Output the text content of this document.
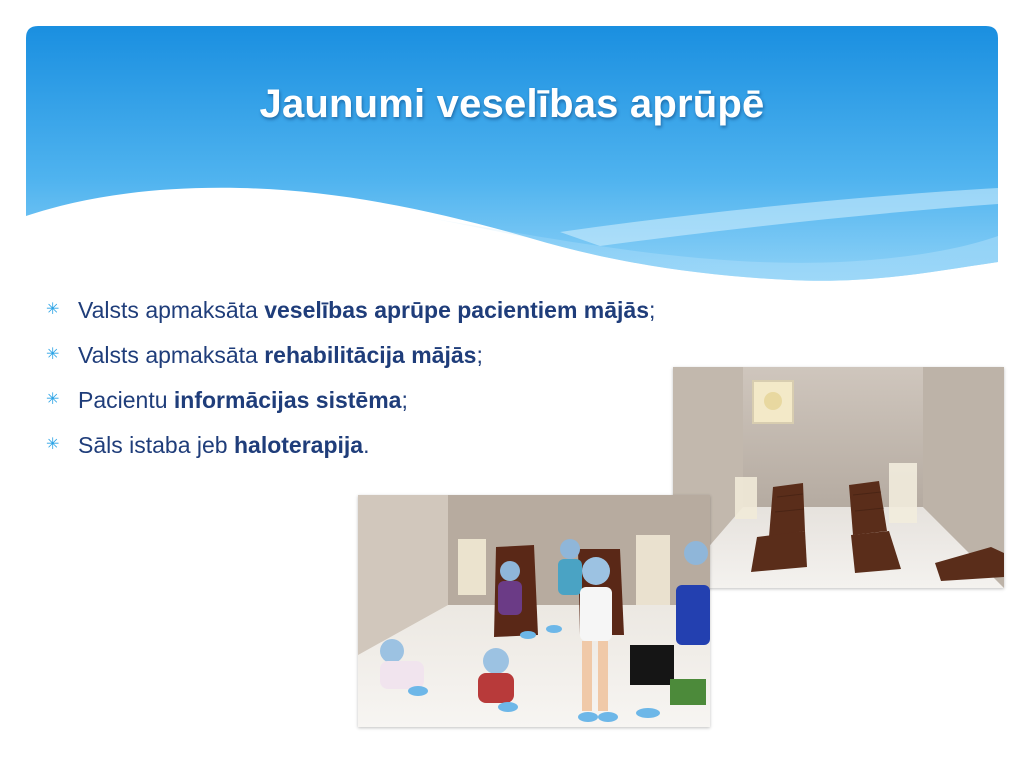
Jaunumi veselības aprūpē
✳ Valsts apmaksāta veselības aprūpe pacientiem mājās;
✳ Valsts apmaksāta rehabilitācija mājās;
✳ Pacientu informācijas sistēma;
✳ Sāls istaba jeb haloterapija.
